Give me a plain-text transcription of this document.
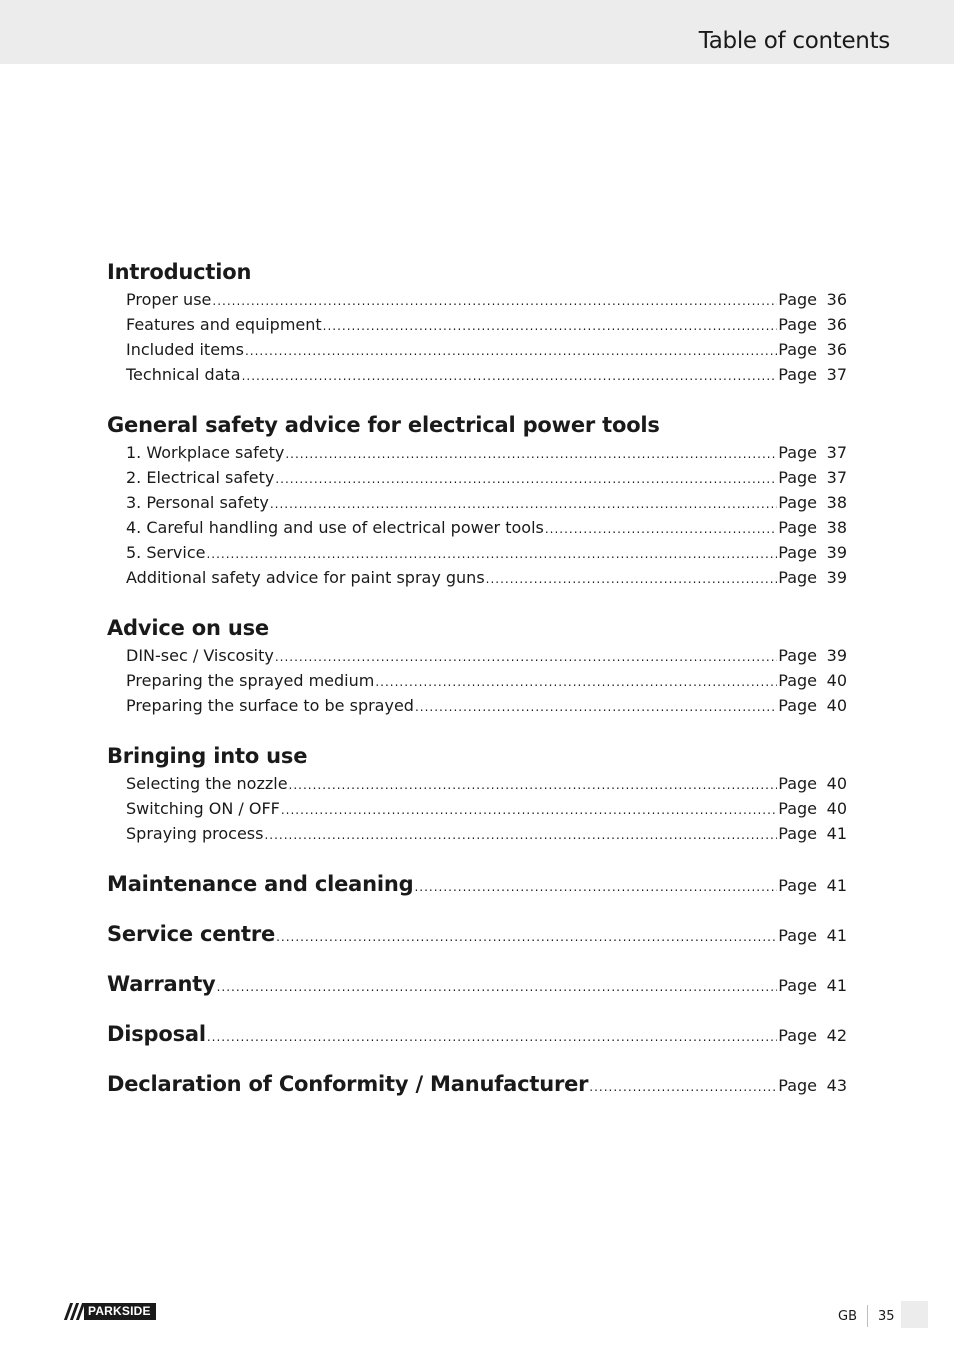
Table of contents
Introduction
Proper use .....	Page 36
Features and equipment .....	Page 36
Included items .....	Page 36
Technical data .....	Page 37
General safety advice for electrical power tools
1. Workplace safety .....	Page 37
2. Electrical safety .....	Page 37
3. Personal safety .....	Page 38
4. Careful handling and use of electrical power tools .....	Page 38
5. Service .....	Page 39
Additional safety advice for paint spray guns .....	Page 39
Advice on use
DIN-sec / Viscosity .....	Page 39
Preparing the sprayed medium .....	Page 40
Preparing the surface to be sprayed .....	Page 40
Bringing into use
Selecting the nozzle .....	Page 40
Switching ON / OFF .....	Page 40
Spraying process .....	Page 41
Maintenance and cleaning .....	Page 41
Service centre .....	Page 41
Warranty .....	Page 41
Disposal .....	Page 42
Declaration of Conformity / Manufacturer .....	Page 43
PARKSIDE	GB 35
